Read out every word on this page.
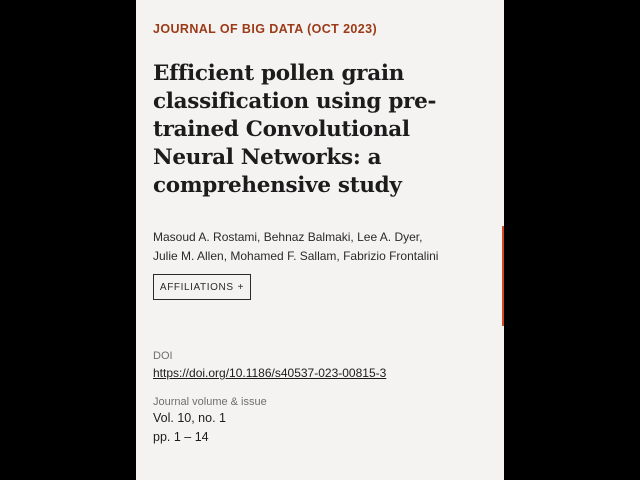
JOURNAL OF BIG DATA (OCT 2023)
Efficient pollen grain classification using pre-trained Convolutional Neural Networks: a comprehensive study
Masoud A. Rostami, Behnaz Balmaki, Lee A. Dyer,
Julie M. Allen, Mohamed F. Sallam, Fabrizio Frontalini
AFFILIATIONS +
DOI
https://doi.org/10.1186/s40537-023-00815-3
Journal volume & issue
Vol. 10, no. 1
pp. 1 – 14
